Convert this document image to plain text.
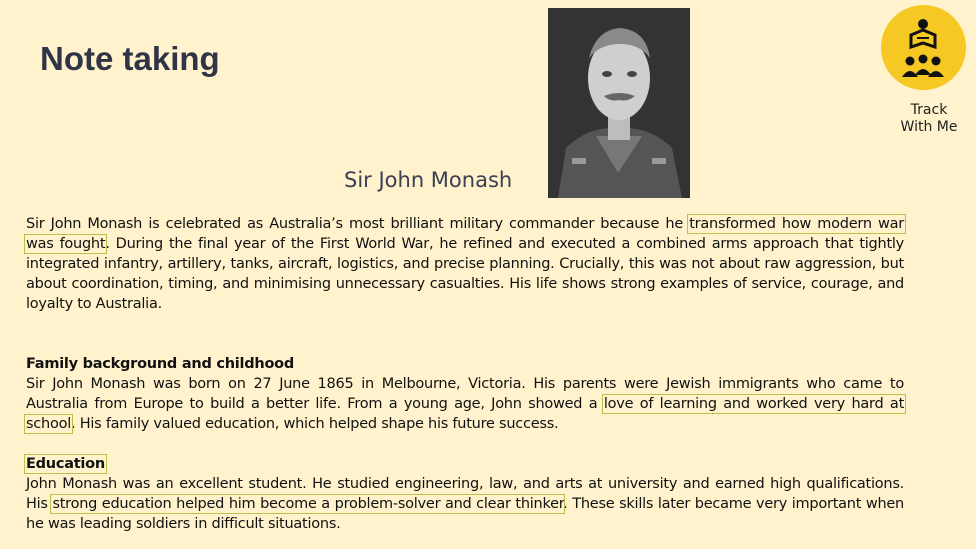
Note taking
Sir John Monash
Track
With Me

Sir John Monash is celebrated as Australia’s most brilliant military commander because he transformed how modern war was fought. During the final year of the First World War, he refined and executed a combined arms approach that tightly integrated infantry, artillery, tanks, aircraft, logistics, and precise planning. Crucially, this was not about raw aggression, but about coordination, timing, and minimising unnecessary casualties. His life shows strong examples of service, courage, and loyalty to Australia.

Family background and childhood

Sir John Monash was born on 27 June 1865 in Melbourne, Victoria. His parents were Jewish immigrants who came to Australia from Europe to build a better life. From a young age, John showed a love of learning and worked very hard at school. His family valued education, which helped shape his future success.

Education

John Monash was an excellent student. He studied engineering, law, and arts at university and earned high qualifications. His strong education helped him become a problem-solver and clear thinker. These skills later became very important when he was leading soldiers in difficult situations.
